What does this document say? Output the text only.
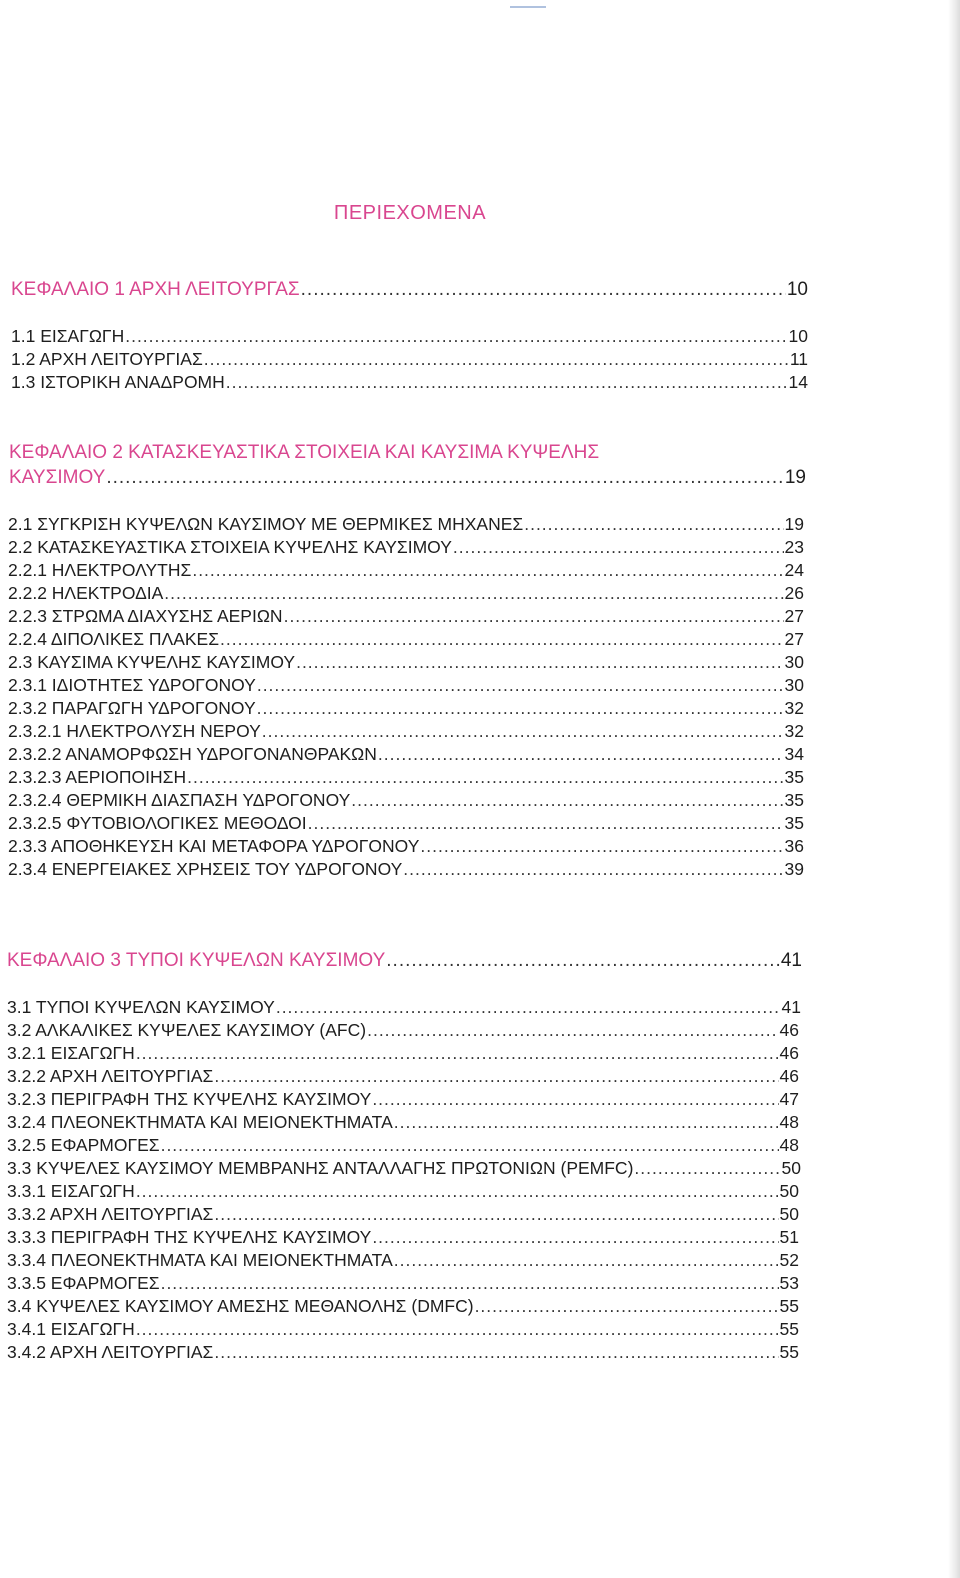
ΠΕΡΙΕΧΟΜΕΝΑ
ΚΕΦΑΛΑΙΟ 1 ΑΡΧΗ ΛΕΙΤΟΥΡΓΑΣ .....	10
1.1 ΕΙΣΑΓΩΓΗ .....	10
1.2 ΑΡΧΗ ΛΕΙΤΟΥΡΓΙΑΣ .....	11
1.3 ΙΣΤΟΡΙΚΗ ΑΝΑΔΡΟΜΗ .....	14
ΚΕΦΑΛΑΙΟ 2 ΚΑΤΑΣΚΕΥΑΣΤΙΚΑ ΣΤΟΙΧΕΙΑ ΚΑΙ ΚΑΥΣΙΜΑ ΚΥΨΕΛΗΣ
ΚΑΥΣΙΜΟΥ .....	19
2.1 ΣΥΓΚΡΙΣΗ ΚΥΨΕΛΩΝ ΚΑΥΣΙΜΟΥ ΜΕ ΘΕΡΜΙΚΕΣ ΜΗΧΑΝΕΣ .....	19
2.2 ΚΑΤΑΣΚΕΥΑΣΤΙΚΑ ΣΤΟΙΧΕΙΑ ΚΥΨΕΛΗΣ ΚΑΥΣΙΜΟΥ .....	23
2.2.1 ΗΛΕΚΤΡΟΛΥΤΗΣ .....	24
2.2.2 ΗΛΕΚΤΡΟΔΙΑ .....	26
2.2.3 ΣΤΡΩΜΑ ΔΙΑΧΥΣΗΣ ΑΕΡΙΩΝ .....	27
2.2.4 ΔΙΠΟΛΙΚΕΣ ΠΛΑΚΕΣ .....	27
2.3 ΚΑΥΣΙΜΑ ΚΥΨΕΛΗΣ ΚΑΥΣΙΜΟΥ .....	30
2.3.1 ΙΔΙΟΤΗΤΕΣ ΥΔΡΟΓΟΝΟΥ .....	30
2.3.2 ΠΑΡΑΓΩΓΗ ΥΔΡΟΓΟΝΟΥ .....	32
2.3.2.1 ΗΛΕΚΤΡΟΛΥΣΗ ΝΕΡΟΥ .....	32
2.3.2.2 ΑΝΑΜΟΡΦΩΣΗ ΥΔΡΟΓΟΝΑΝΘΡΑΚΩΝ .....	34
2.3.2.3 ΑΕΡΙΟΠΟΙΗΣΗ .....	35
2.3.2.4 ΘΕΡΜΙΚΗ ΔΙΑΣΠΑΣΗ ΥΔΡΟΓΟΝΟΥ .....	35
2.3.2.5 ΦΥΤΟΒΙΟΛΟΓΙΚΕΣ ΜΕΘΟΔΟΙ .....	35
2.3.3 ΑΠΟΘΗΚΕΥΣΗ ΚΑΙ ΜΕΤΑΦΟΡΑ ΥΔΡΟΓΟΝΟΥ .....	36
2.3.4 ΕΝΕΡΓΕΙΑΚΕΣ ΧΡΗΣΕΙΣ ΤΟΥ ΥΔΡΟΓΟΝΟΥ .....	39
ΚΕΦΑΛΑΙΟ 3 ΤΥΠΟΙ ΚΥΨΕΛΩΝ ΚΑΥΣΙΜΟΥ .....	41
3.1 ΤΥΠΟΙ ΚΥΨΕΛΩΝ ΚΑΥΣΙΜΟΥ .....	41
3.2 ΑΛΚΑΛΙΚΕΣ ΚΥΨΕΛΕΣ ΚΑΥΣΙΜΟΥ (AFC) .....	46
3.2.1 ΕΙΣΑΓΩΓΗ .....	46
3.2.2 ΑΡΧΗ ΛΕΙΤΟΥΡΓΙΑΣ .....	46
3.2.3 ΠΕΡΙΓΡΑΦΗ ΤΗΣ ΚΥΨΕΛΗΣ ΚΑΥΣΙΜΟΥ .....	47
3.2.4 ΠΛΕΟΝΕΚΤΗΜΑΤΑ ΚΑΙ ΜΕΙΟΝΕΚΤΗΜΑΤΑ .....	48
3.2.5 ΕΦΑΡΜΟΓΕΣ .....	48
3.3 ΚΥΨΕΛΕΣ ΚΑΥΣΙΜΟΥ ΜΕΜΒΡΑΝΗΣ ΑΝΤΑΛΛΑΓΗΣ ΠΡΩΤΟΝΙΩΝ (PEMFC) .....	50
3.3.1 ΕΙΣΑΓΩΓΗ .....	50
3.3.2 ΑΡΧΗ ΛΕΙΤΟΥΡΓΙΑΣ .....	50
3.3.3 ΠΕΡΙΓΡΑΦΗ ΤΗΣ ΚΥΨΕΛΗΣ ΚΑΥΣΙΜΟΥ .....	51
3.3.4 ΠΛΕΟΝΕΚΤΗΜΑΤΑ ΚΑΙ ΜΕΙΟΝΕΚΤΗΜΑΤΑ .....	52
3.3.5 ΕΦΑΡΜΟΓΕΣ .....	53
3.4 ΚΥΨΕΛΕΣ ΚΑΥΣΙΜΟΥ ΑΜΕΣΗΣ ΜΕΘΑΝΟΛΗΣ (DMFC) .....	55
3.4.1 ΕΙΣΑΓΩΓΗ .....	55
3.4.2 ΑΡΧΗ ΛΕΙΤΟΥΡΓΙΑΣ .....	55
